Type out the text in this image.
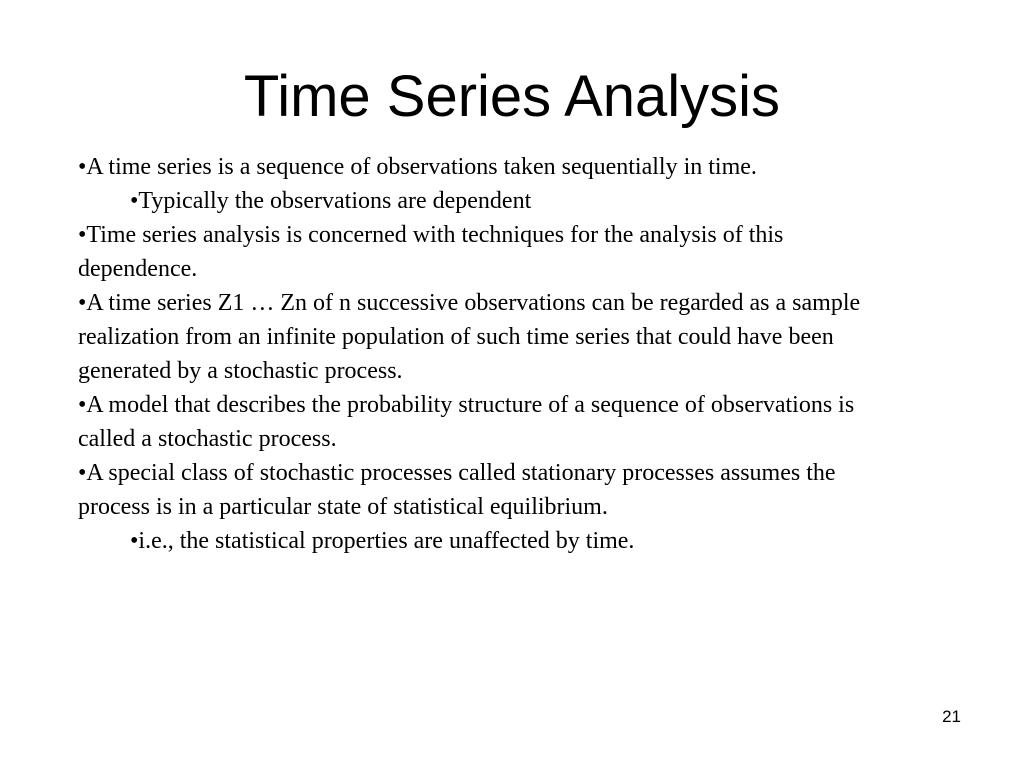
Time Series Analysis

•A time series is a sequence of observations taken sequentially in time.

•Typically the observations are dependent

•Time series analysis is concerned with techniques for the analysis of this dependence.

•A time series Z1 … Zn of n successive observations can be regarded as a sample realization from an infinite population of such time series that could have been generated by a stochastic process.

•A model that describes the probability structure of a sequence of observations is called a stochastic process.

•A special class of stochastic processes called stationary processes assumes the process is in a particular state of statistical equilibrium.

•i.e., the statistical properties are unaffected by time.

21
